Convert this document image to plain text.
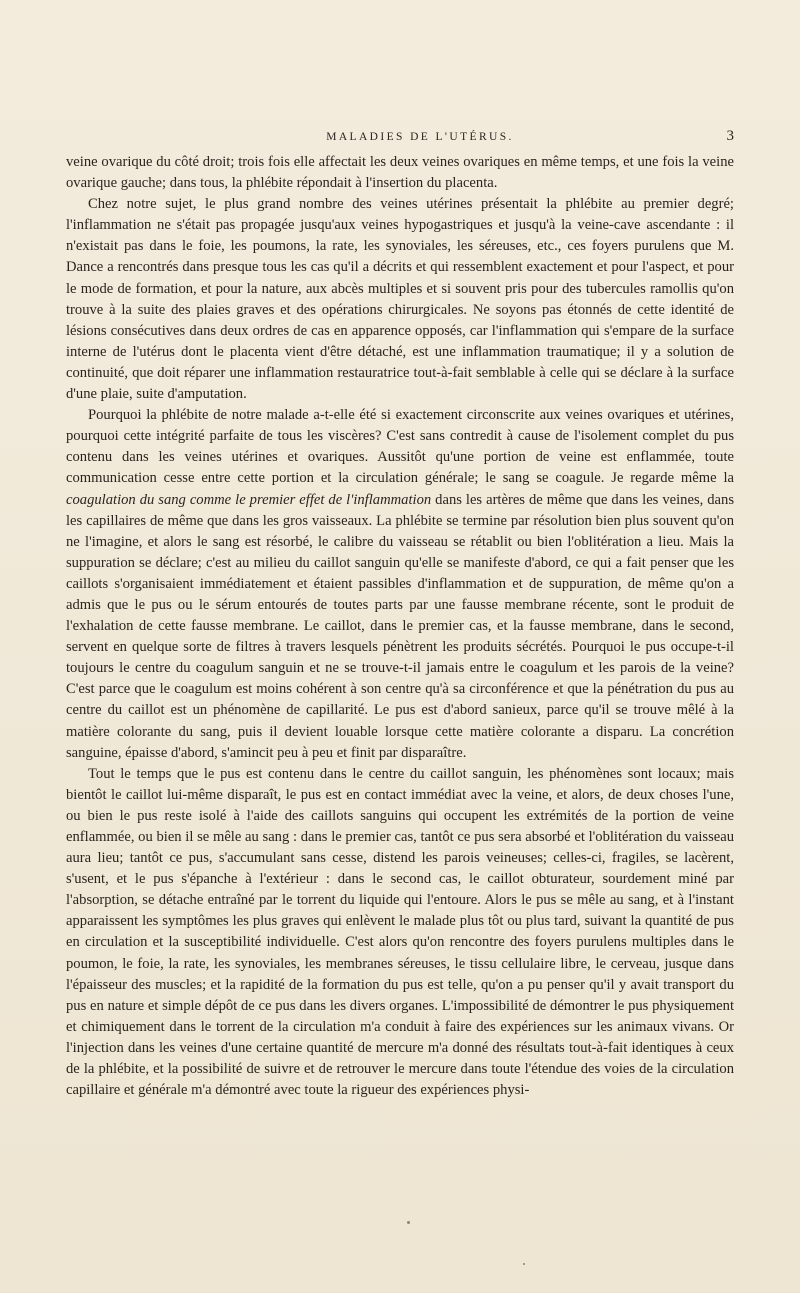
MALADIES DE L'UTÉRUS.	3

veine ovarique du côté droit; trois fois elle affectait les deux veines ovariques en même temps, et une fois la veine ovarique gauche; dans tous, la phlébite répondait à l'insertion du placenta.

Chez notre sujet, le plus grand nombre des veines utérines présentait la phlébite au premier degré; l'inflammation ne s'était pas propagée jusqu'aux veines hypogastriques et jusqu'à la veine-cave ascendante : il n'existait pas dans le foie, les poumons, la rate, les synoviales, les séreuses, etc., ces foyers purulens que M. Dance a rencontrés dans presque tous les cas qu'il a décrits et qui ressemblent exactement et pour l'aspect, et pour le mode de formation, et pour la nature, aux abcès multiples et si souvent pris pour des tubercules ramollis qu'on trouve à la suite des plaies graves et des opérations chirurgicales. Ne soyons pas étonnés de cette identité de lésions consécutives dans deux ordres de cas en apparence opposés, car l'inflammation qui s'empare de la surface interne de l'utérus dont le placenta vient d'être détaché, est une inflammation traumatique; il y a solution de continuité, que doit réparer une inflammation restauratrice tout-à-fait semblable à celle qui se déclare à la surface d'une plaie, suite d'amputation.

Pourquoi la phlébite de notre malade a-t-elle été si exactement circonscrite aux veines ovariques et utérines, pourquoi cette intégrité parfaite de tous les viscères? C'est sans contredit à cause de l'isolement complet du pus contenu dans les veines utérines et ovariques. Aussitôt qu'une portion de veine est enflammée, toute communication cesse entre cette portion et la circulation générale; le sang se coagule. Je regarde même la coagulation du sang comme le premier effet de l'inflammation dans les artères de même que dans les veines, dans les capillaires de même que dans les gros vaisseaux. La phlébite se termine par résolution bien plus souvent qu'on ne l'imagine, et alors le sang est résorbé, le calibre du vaisseau se rétablit ou bien l'oblitération a lieu. Mais la suppuration se déclare; c'est au milieu du caillot sanguin qu'elle se manifeste d'abord, ce qui a fait penser que les caillots s'organisaient immédiatement et étaient passibles d'inflammation et de suppuration, de même qu'on a admis que le pus ou le sérum entourés de toutes parts par une fausse membrane récente, sont le produit de l'exhalation de cette fausse membrane. Le caillot, dans le premier cas, et la fausse membrane, dans le second, servent en quelque sorte de filtres à travers lesquels pénètrent les produits sécrétés. Pourquoi le pus occupe-t-il toujours le centre du coagulum sanguin et ne se trouve-t-il jamais entre le coagulum et les parois de la veine? C'est parce que le coagulum est moins cohérent à son centre qu'à sa circonférence et que la pénétration du pus au centre du caillot est un phénomène de capillarité. Le pus est d'abord sanieux, parce qu'il se trouve mêlé à la matière colorante du sang, puis il devient louable lorsque cette matière colorante a disparu. La concrétion sanguine, épaisse d'abord, s'amincit peu à peu et finit par disparaître.

Tout le temps que le pus est contenu dans le centre du caillot sanguin, les phénomènes sont locaux; mais bientôt le caillot lui-même disparaît, le pus est en contact immédiat avec la veine, et alors, de deux choses l'une, ou bien le pus reste isolé à l'aide des caillots sanguins qui occupent les extrémités de la portion de veine enflammée, ou bien il se mêle au sang : dans le premier cas, tantôt ce pus sera absorbé et l'oblitération du vaisseau aura lieu; tantôt ce pus, s'accumulant sans cesse, distend les parois veineuses; celles-ci, fragiles, se lacèrent, s'usent, et le pus s'épanche à l'extérieur : dans le second cas, le caillot obturateur, sourdement miné par l'absorption, se détache entraîné par le torrent du liquide qui l'entoure. Alors le pus se mêle au sang, et à l'instant apparaissent les symptômes les plus graves qui enlèvent le malade plus tôt ou plus tard, suivant la quantité de pus en circulation et la susceptibilité individuelle. C'est alors qu'on rencontre des foyers purulens multiples dans le poumon, le foie, la rate, les synoviales, les membranes séreuses, le tissu cellulaire libre, le cerveau, jusque dans l'épaisseur des muscles; et la rapidité de la formation du pus est telle, qu'on a pu penser qu'il y avait transport du pus en nature et simple dépôt de ce pus dans les divers organes. L'impossibilité de démontrer le pus physiquement et chimiquement dans le torrent de la circulation m'a conduit à faire des expériences sur les animaux vivans. Or l'injection dans les veines d'une certaine quantité de mercure m'a donné des résultats tout-à-fait identiques à ceux de la phlébite, et la possibilité de suivre et de retrouver le mercure dans toute l'étendue des voies de la circulation capillaire et générale m'a démontré avec toute la rigueur des expériences physi-
